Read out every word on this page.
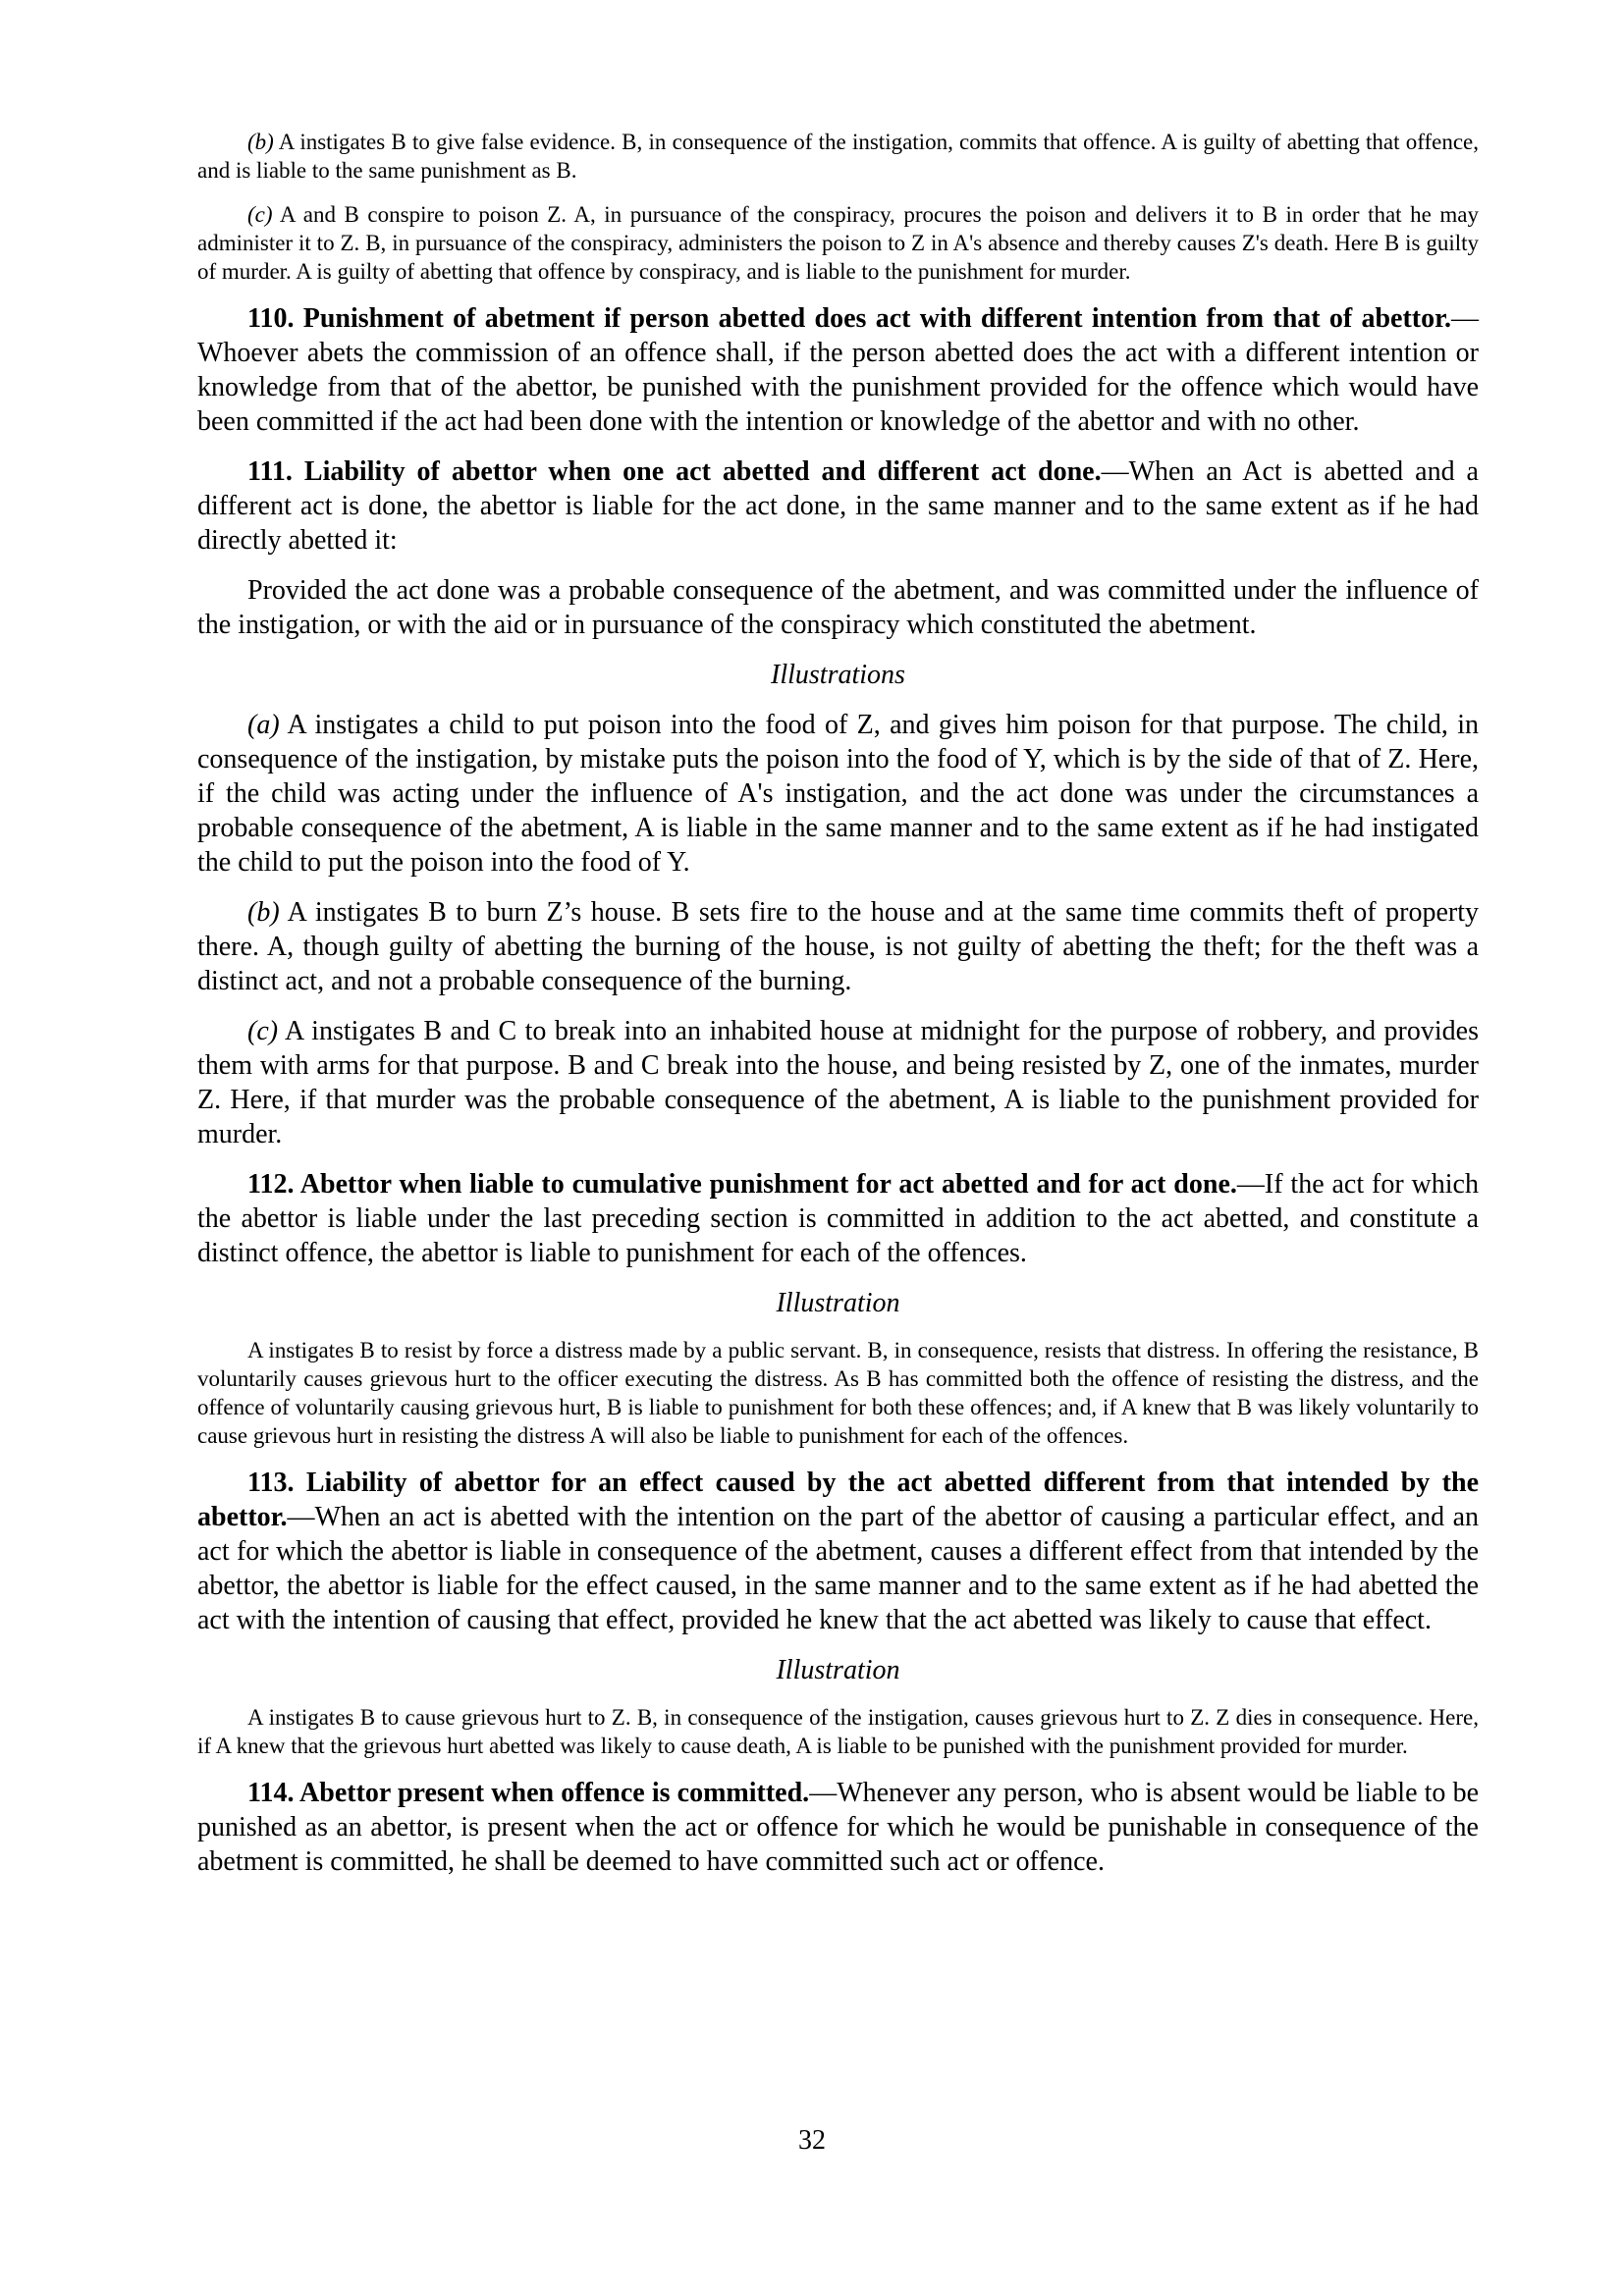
(b) A instigates B to give false evidence. B, in consequence of the instigation, commits that offence. A is guilty of abetting that offence, and is liable to the same punishment as B.

(c) A and B conspire to poison Z. A, in pursuance of the conspiracy, procures the poison and delivers it to B in order that he may administer it to Z. B, in pursuance of the conspiracy, administers the poison to Z in A's absence and thereby causes Z's death. Here B is guilty of murder. A is guilty of abetting that offence by conspiracy, and is liable to the punishment for murder.

110. Punishment of abetment if person abetted does act with different intention from that of abettor.—Whoever abets the commission of an offence shall, if the person abetted does the act with a different intention or knowledge from that of the abettor, be punished with the punishment provided for the offence which would have been committed if the act had been done with the intention or knowledge of the abettor and with no other.

111. Liability of abettor when one act abetted and different act done.—When an Act is abetted and a different act is done, the abettor is liable for the act done, in the same manner and to the same extent as if he had directly abetted it:

Provided the act done was a probable consequence of the abetment, and was committed under the influence of the instigation, or with the aid or in pursuance of the conspiracy which constituted the abetment.

Illustrations

(a) A instigates a child to put poison into the food of Z, and gives him poison for that purpose. The child, in consequence of the instigation, by mistake puts the poison into the food of Y, which is by the side of that of Z. Here, if the child was acting under the influence of A's instigation, and the act done was under the circumstances a probable consequence of the abetment, A is liable in the same manner and to the same extent as if he had instigated the child to put the poison into the food of Y.

(b) A instigates B to burn Z’s house. B sets fire to the house and at the same time commits theft of property there. A, though guilty of abetting the burning of the house, is not guilty of abetting the theft; for the theft was a distinct act, and not a probable consequence of the burning.

(c) A instigates B and C to break into an inhabited house at midnight for the purpose of robbery, and provides them with arms for that purpose. B and C break into the house, and being resisted by Z, one of the inmates, murder Z. Here, if that murder was the probable consequence of the abetment, A is liable to the punishment provided for murder.

112. Abettor when liable to cumulative punishment for act abetted and for act done.—If the act for which the abettor is liable under the last preceding section is committed in addition to the act abetted, and constitute a distinct offence, the abettor is liable to punishment for each of the offences.

Illustration

A instigates B to resist by force a distress made by a public servant. B, in consequence, resists that distress. In offering the resistance, B voluntarily causes grievous hurt to the officer executing the distress. As B has committed both the offence of resisting the distress, and the offence of voluntarily causing grievous hurt, B is liable to punishment for both these offences; and, if A knew that B was likely voluntarily to cause grievous hurt in resisting the distress A will also be liable to punishment for each of the offences.

113. Liability of abettor for an effect caused by the act abetted different from that intended by the abettor.—When an act is abetted with the intention on the part of the abettor of causing a particular effect, and an act for which the abettor is liable in consequence of the abetment, causes a different effect from that intended by the abettor, the abettor is liable for the effect caused, in the same manner and to the same extent as if he had abetted the act with the intention of causing that effect, provided he knew that the act abetted was likely to cause that effect.

Illustration

A instigates B to cause grievous hurt to Z. B, in consequence of the instigation, causes grievous hurt to Z. Z dies in consequence. Here, if A knew that the grievous hurt abetted was likely to cause death, A is liable to be punished with the punishment provided for murder.

114. Abettor present when offence is committed.—Whenever any person, who is absent would be liable to be punished as an abettor, is present when the act or offence for which he would be punishable in consequence of the abetment is committed, he shall be deemed to have committed such act or offence.

32
